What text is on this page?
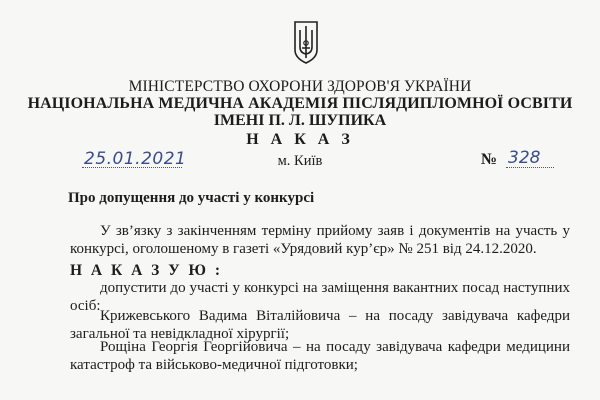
МІНІСТЕРСТВО ОХОРОНИ ЗДОРОВ'Я УКРАЇНИ
НАЦІОНАЛЬНА МЕДИЧНА АКАДЕМІЯ ПІСЛЯДИПЛОМНОЇ ОСВІТИ
ІМЕНІ П. Л. ШУПИКА
Н А К А З
25.01.2021	м. Київ	№ 328
Про допущення до участі у конкурсі
У зв’язку з закінченням терміну прийому заяв і документів на участь у конкурсі, оголошеному в газеті «Урядовий кур’єр» № 251 від 24.12.2020.
Н А К А З У Ю :
допустити до участі у конкурсі на заміщення вакантних посад наступних осіб:
Крижевського Вадима Віталійовича – на посаду завідувача кафедри загальної та невідкладної хірургії;
Рощіна Георгія Георгійовича – на посаду завідувача кафедри медицини катастроф та військово-медичної підготовки;
